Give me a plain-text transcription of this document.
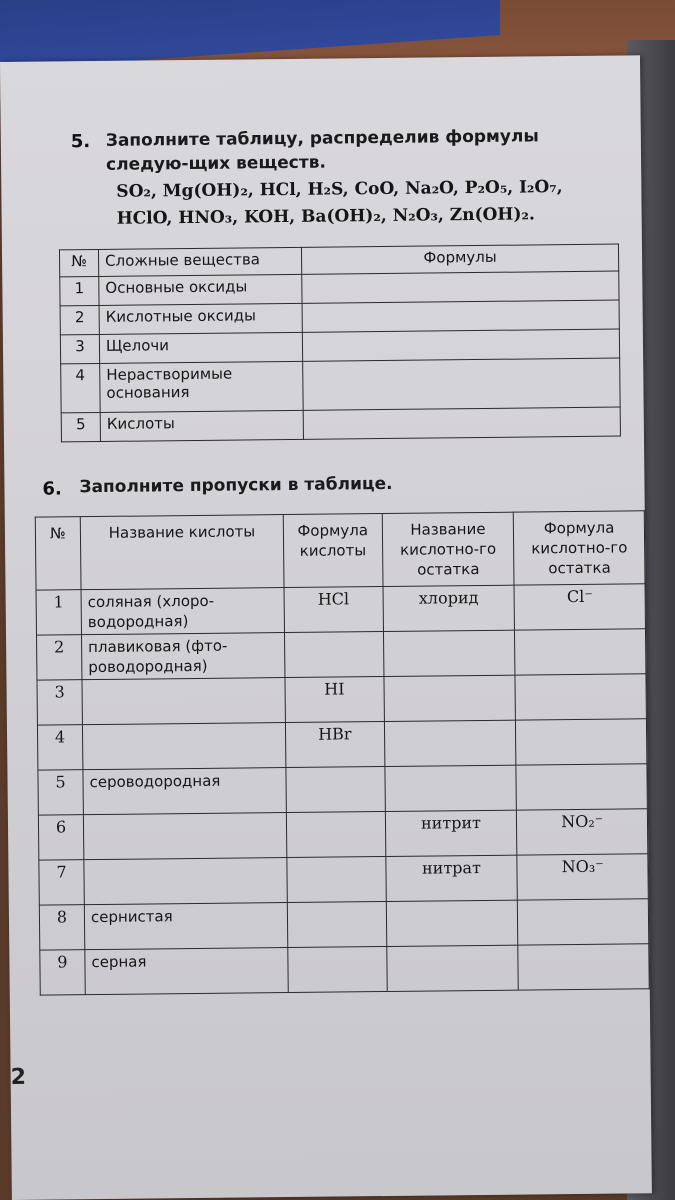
5. Заполните таблицу, распределив формулы следую-щих веществ.
SO₂, Mg(OH)₂, HCl, H₂S, CoO, Na₂O, P₂O₅, I₂O₇,
HClO, HNO₃, KOH, Ba(OH)₂, N₂O₃, Zn(OH)₂.
№	Сложные вещества	Формулы
1	Основные оксиды	
2	Кислотные оксиды	
3	Щелочи	
4	Нерастворимые основания	
5	Кислоты	
6. Заполните пропуски в таблице.
№	Название кислоты	Формула кислоты	Название кислотно-го остатка	Формула кислотно-го остатка
1	соляная (хлоро-водородная)	HCl	хлорид	Cl⁻
2	плавиковая (фто-роводородная)			
3		HI		
4		HBr		
5	сероводородная			
6			нитрит	NO₂⁻
7			нитрат	NO₃⁻
8	сернистая			
9	серная			
2
